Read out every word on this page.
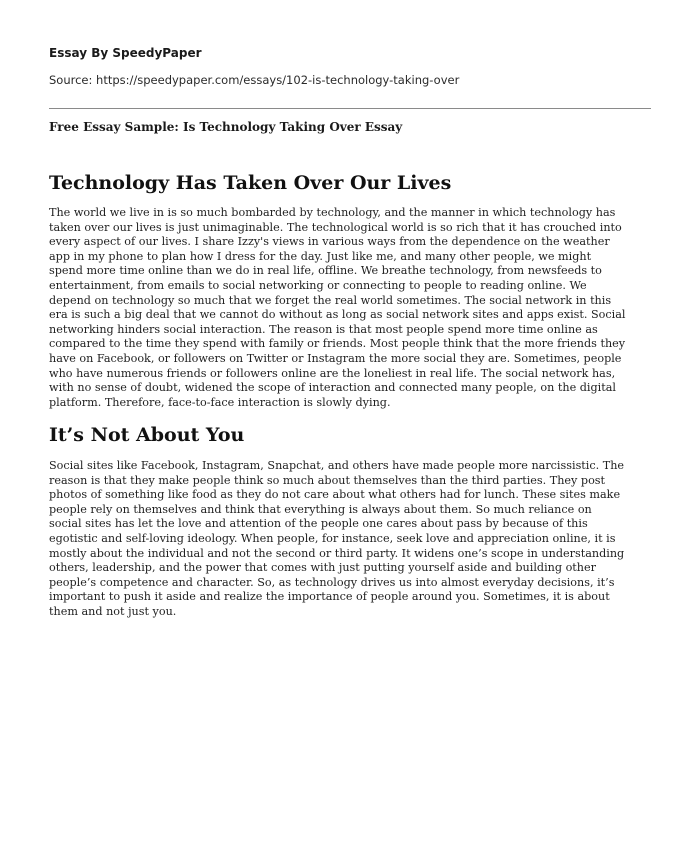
Essay By SpeedyPaper

Source: https://speedypaper.com/essays/102-is-technology-taking-over

Free Essay Sample: Is Technology Taking Over Essay

Technology Has Taken Over Our Lives
The world we live in is so much bombarded by technology, and the manner in which technology has
taken over our lives is just unimaginable. The technological world is so rich that it has crouched into
every aspect of our lives. I share Izzy's views in various ways from the dependence on the weather
app in my phone to plan how I dress for the day. Just like me, and many other people, we might
spend more time online than we do in real life, offline. We breathe technology, from newsfeeds to
entertainment, from emails to social networking or connecting to people to reading online. We
depend on technology so much that we forget the real world sometimes. The social network in this
era is such a big deal that we cannot do without as long as social network sites and apps exist. Social
networking hinders social interaction. The reason is that most people spend more time online as
compared to the time they spend with family or friends. Most people think that the more friends they
have on Facebook, or followers on Twitter or Instagram the more social they are. Sometimes, people
who have numerous friends or followers online are the loneliest in real life. The social network has,
with no sense of doubt, widened the scope of interaction and connected many people, on the digital
platform. Therefore, face-to-face interaction is slowly dying.
It’s Not About You
Social sites like Facebook, Instagram, Snapchat, and others have made people more narcissistic. The
reason is that they make people think so much about themselves than the third parties. They post
photos of something like food as they do not care about what others had for lunch. These sites make
people rely on themselves and think that everything is always about them. So much reliance on
social sites has let the love and attention of the people one cares about pass by because of this
egotistic and self-loving ideology. When people, for instance, seek love and appreciation online, it is
mostly about the individual and not the second or third party. It widens one’s scope in understanding
others, leadership, and the power that comes with just putting yourself aside and building other
people’s competence and character. So, as technology drives us into almost everyday decisions, it’s
important to push it aside and realize the importance of people around you. Sometimes, it is about
them and not just you.
